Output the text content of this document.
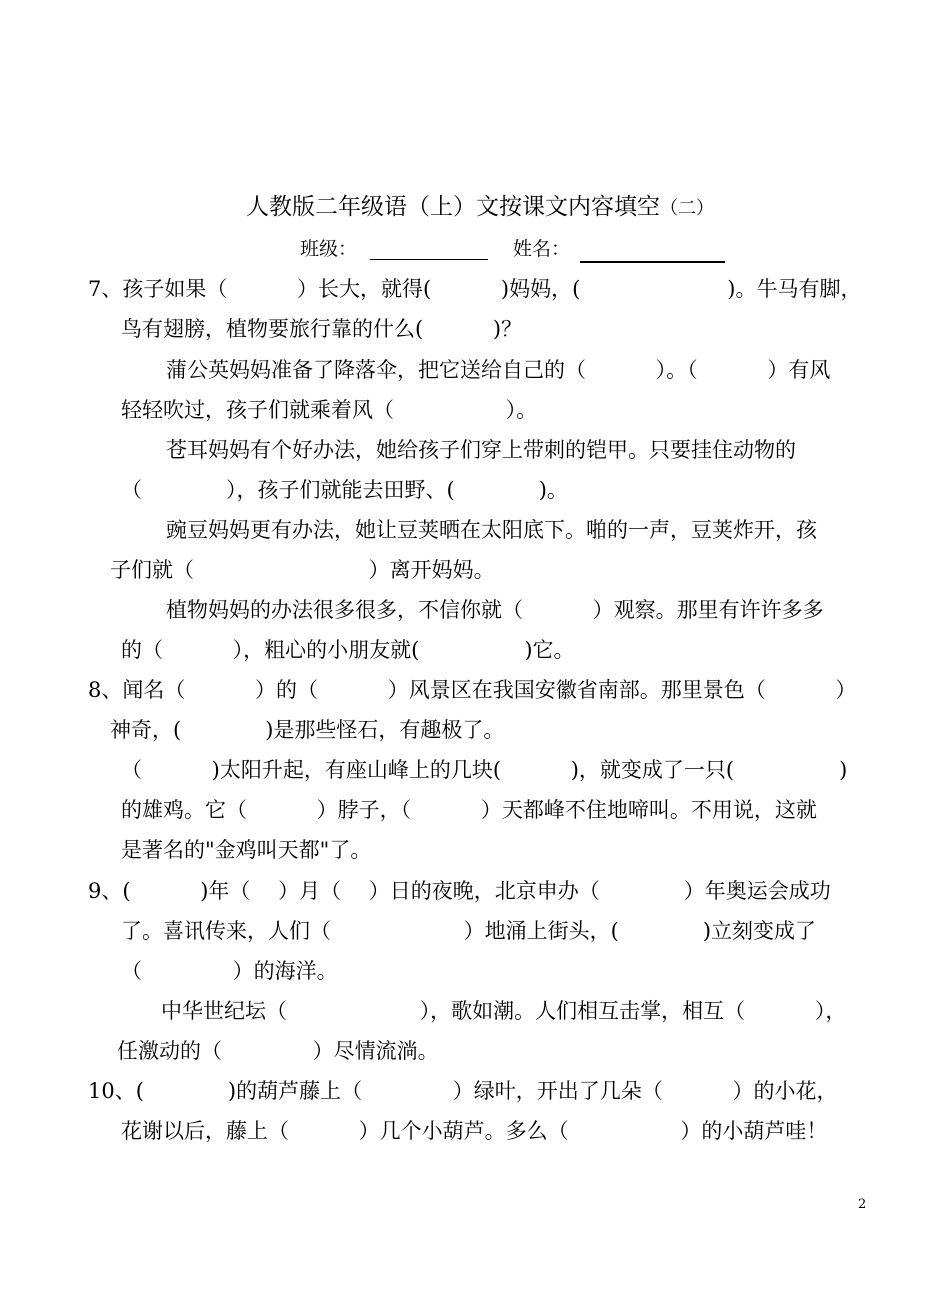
人教版二年级语（上）文按课文内容填空（二）
班级：	姓名：
7、孩子如果（　　　 ）长大，就得(　　　 )妈妈，(　　　　　　　)。牛马有脚，
鸟有翅膀，植物要旅行靠的什么(　　　 )？
蒲公英妈妈准备了降落伞，把它送给自己的（　　　 ）。（　　　 ）有风
轻轻吹过，孩子们就乘着风（　　　　　 ）。
苍耳妈妈有个好办法，她给孩子们穿上带刺的铠甲。只要挂住动物的
（　　　　），孩子们就能去田野、(　　　　)。
豌豆妈妈更有办法，她让豆荚晒在太阳底下。啪的一声，豆荚炸开，孩
子们就（　　　　　　　　 ）离开妈妈。
植物妈妈的办法很多很多，不信你就（　　　 ）观察。那里有许许多多
的（　　　 ），粗心的小朋友就(　　　　　)它。
8、闻名（　　　 ）的（　　　 ）风景区在我国安徽省南部。那里景色（　　　 ）
神奇，(　　　　)是那些怪石，有趣极了。
（　　　 )太阳升起，有座山峰上的几块(　　　 )，就变成了一只(　　　　　)
的雄鸡。它（　　　 ）脖子，（　　　 ）天都峰不住地啼叫。不用说，这就
是著名的"金鸡叫天都"了。
9、(　　　 )年（　 ）月（　 ）日的夜晚，北京申办（　　　　）年奥运会成功
了。喜讯传来，人们（　　　　　　 ）地涌上街头，(　　　　)立刻变成了
（　　　　 ）的海洋。
中华世纪坛（　　　　　　 ），歌如潮。人们相互击掌，相互（　　　 ），
任激动的（　　　　 ）尽情流淌。
10、(　　　　)的葫芦藤上（　　　　 ）绿叶，开出了几朵（　　　 ）的小花，
花谢以后，藤上（　　　 ）几个小葫芦。多么（　　　　　 ）的小葫芦哇！
2
